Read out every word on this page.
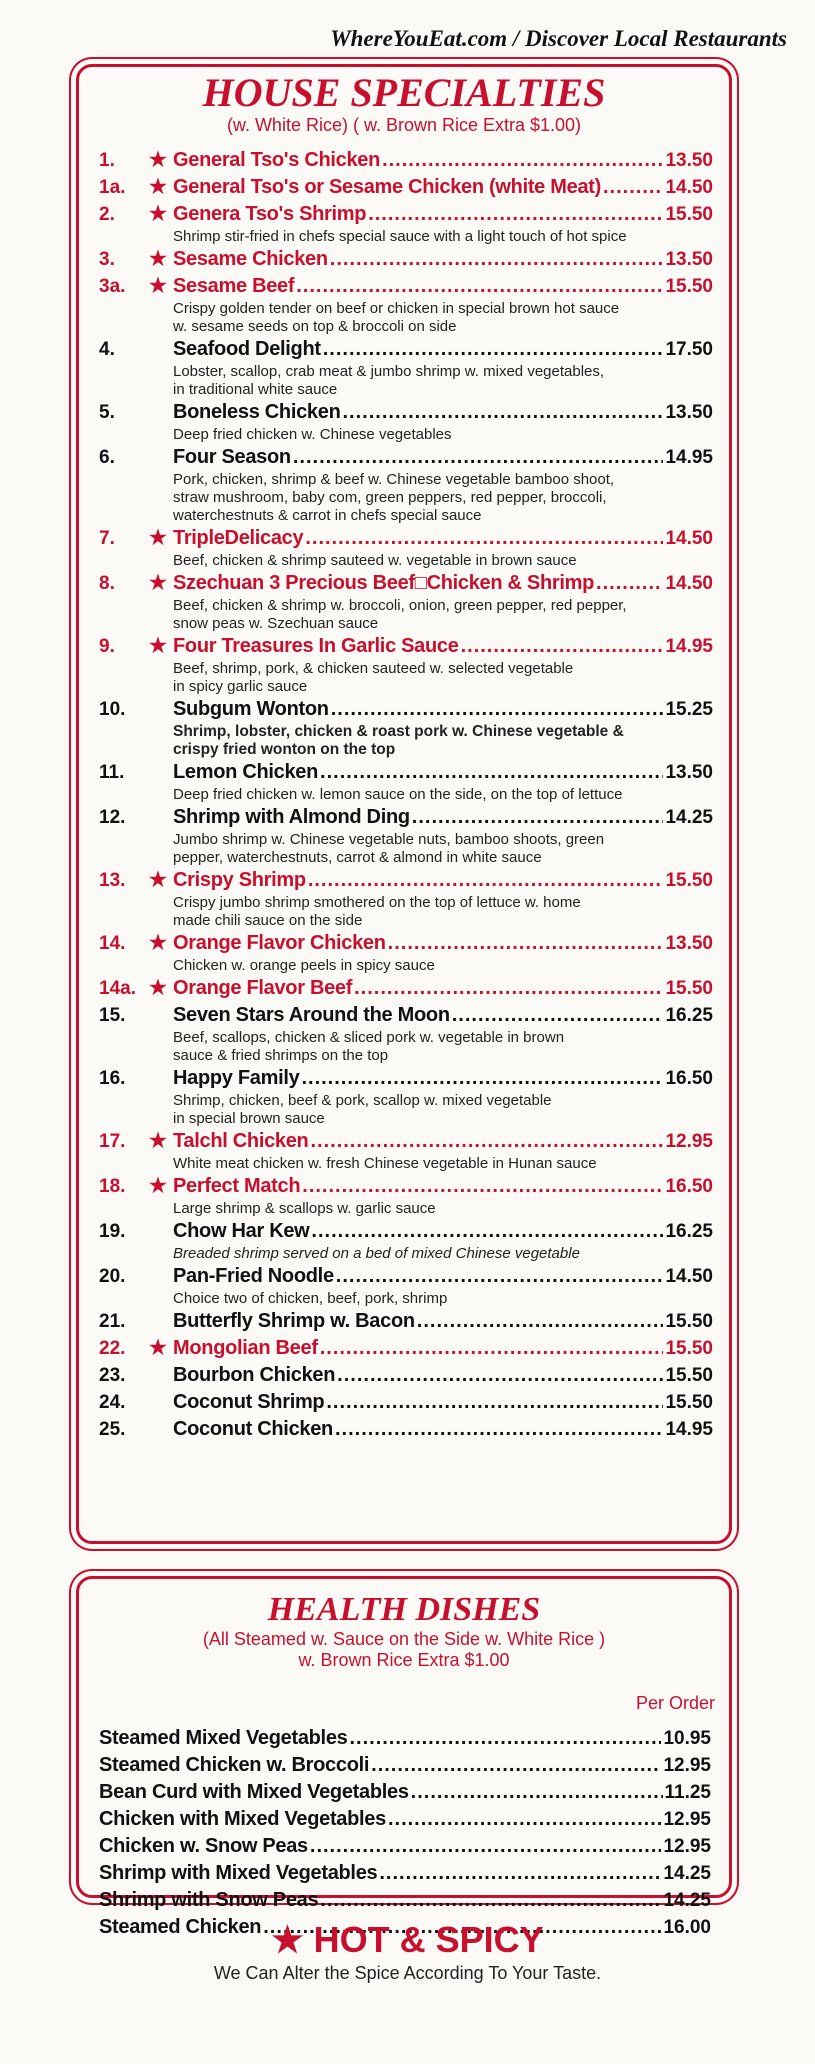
WhereYouEat.com / Discover Local Restaurants
HOUSE SPECIALTIES
(w. White Rice) ( w. Brown Rice Extra $1.00)
1.	★ General Tso's Chicken .....	13.50
1a.	★ General Tso's or Sesame Chicken (white Meat) .....	14.50
2.	★ Genera Tso's Shrimp .....	15.50
Shrimp stir-fried in chefs special sauce with a light touch of hot spice
3.	★ Sesame Chicken .....	13.50
3a.	★ Sesame Beef .....	15.50
Crispy golden tender on beef or chicken in special brown hot sauce
w. sesame seeds on top & broccoli on side
4.	Seafood Delight .....	17.50
Lobster, scallop, crab meat & jumbo shrimp w. mixed vegetables,
in traditional white sauce
5.	Boneless Chicken .....	13.50
Deep fried chicken w. Chinese vegetables
6.	Four Season .....	14.95
Pork, chicken, shrimp & beef w. Chinese vegetable bamboo shoot,
straw mushroom, baby com, green peppers, red pepper, broccoli,
waterchestnuts & carrot in chefs special sauce
7.	★ TripleDelicacy .....	14.50
Beef, chicken & shrimp sauteed w. vegetable in brown sauce
8.	★ Szechuan 3 Precious Beef□Chicken & Shrimp .....	14.50
Beef, chicken & shrimp w. broccoli, onion, green pepper, red pepper,
snow peas w. Szechuan sauce
9.	★ Four Treasures In Garlic Sauce .....	14.95
Beef, shrimp, pork, & chicken sauteed w. selected vegetable
in spicy garlic sauce
10.	Subgum Wonton .....	15.25
Shrimp, lobster, chicken & roast pork w. Chinese vegetable &
crispy fried wonton on the top
11.	Lemon Chicken .....	13.50
Deep fried chicken w. lemon sauce on the side, on the top of lettuce
12.	Shrimp with Almond Ding .....	14.25
Jumbo shrimp w. Chinese vegetable nuts, bamboo shoots, green
pepper, waterchestnuts, carrot & almond in white sauce
13.	★ Crispy Shrimp .....	15.50
Crispy jumbo shrimp smothered on the top of lettuce w. home
made chili sauce on the side
14.	★ Orange Flavor Chicken .....	13.50
Chicken w. orange peels in spicy sauce
14a. ★ Orange Flavor Beef .....	15.50
15.	Seven Stars Around the Moon .....	16.25
Beef, scallops, chicken & sliced pork w. vegetable in brown
sauce & fried shrimps on the top
16.	Happy Family .....	16.50
Shrimp, chicken, beef & pork, scallop w. mixed vegetable
in special brown sauce
17.	★ Talchl Chicken .....	12.95
White meat chicken w. fresh Chinese vegetable in Hunan sauce
18.	★ Perfect Match .....	16.50
Large shrimp & scallops w. garlic sauce
19.	Chow Har Kew .....	16.25
Breaded shrimp served on a bed of mixed Chinese vegetable
20.	Pan-Fried Noodle .....	14.50
Choice two of chicken, beef, pork, shrimp
21.	Butterfly Shrimp w. Bacon .....	15.50
22.	★ Mongolian Beef .....	15.50
23.	Bourbon Chicken .....	15.50
24.	Coconut Shrimp .....	15.50
25.	Coconut Chicken .....	14.95
HEALTH DISHES
(All Steamed w. Sauce on the Side w. White Rice )
w. Brown Rice Extra $1.00
Per Order
Steamed Mixed Vegetables .....	10.95
Steamed Chicken w. Broccoli .....	12.95
Bean Curd with Mixed Vegetables .....	11.25
Chicken with Mixed Vegetables .....	12.95
Chicken w. Snow Peas .....	12.95
Shrimp with Mixed Vegetables .....	14.25
Shrimp with Snow Peas .....	14.25
Steamed Chicken .....	16.00
★ HOT & SPICY
We Can Alter the Spice According To Your Taste.
